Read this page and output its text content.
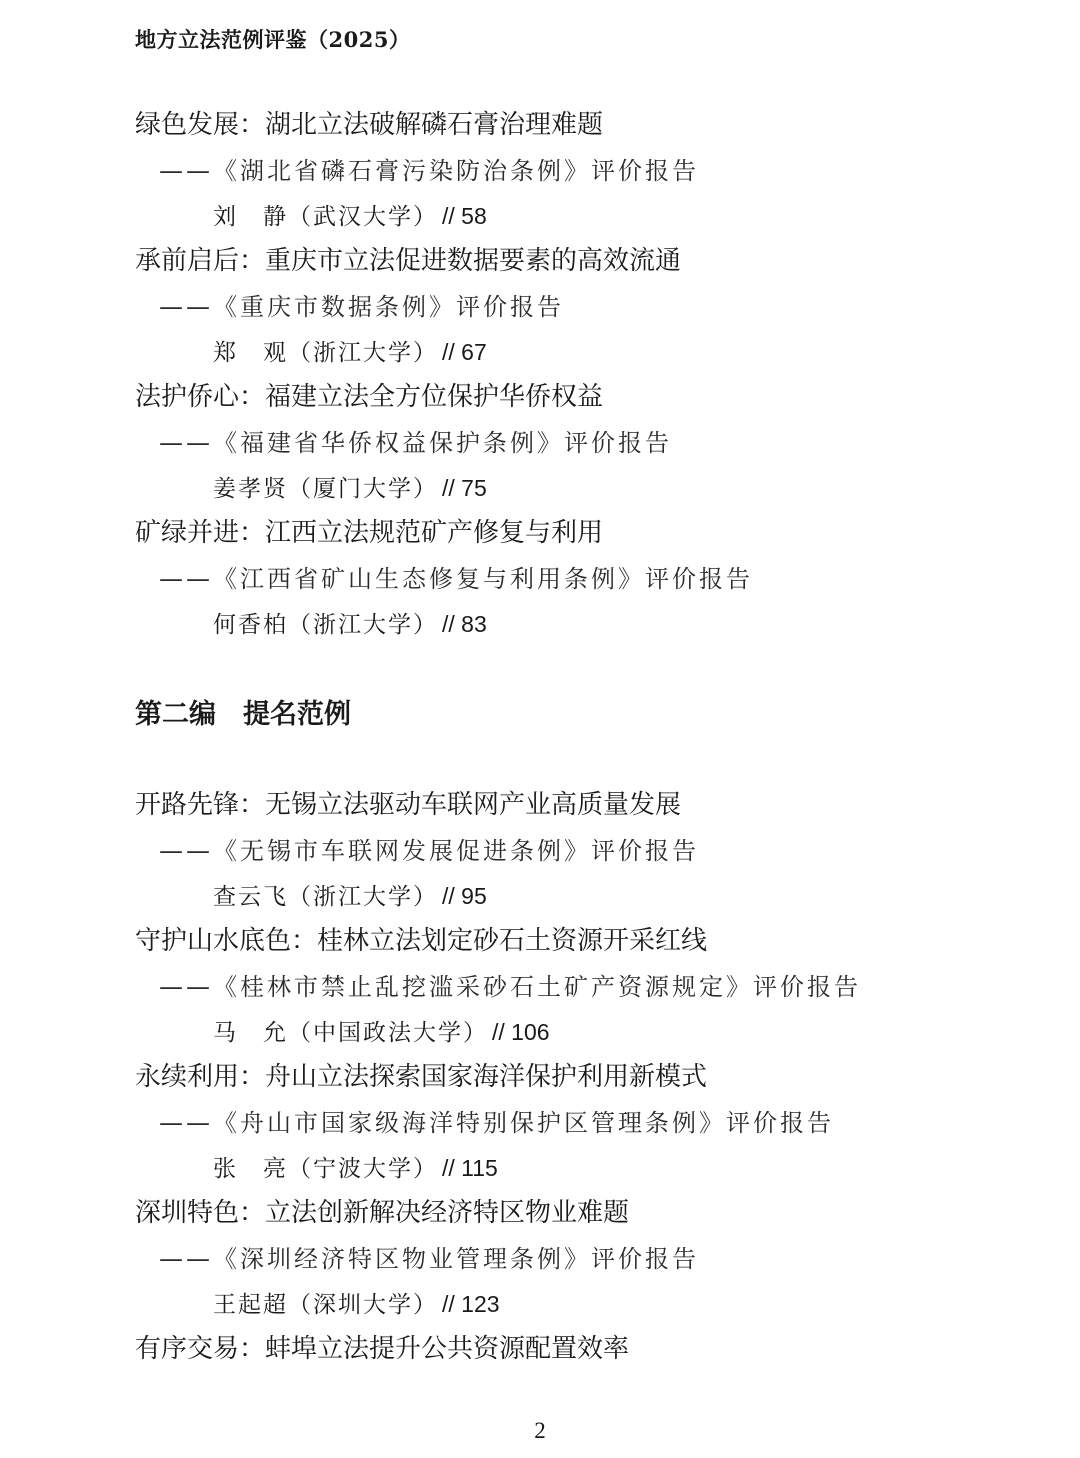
地方立法范例评鉴（2025）
绿色发展：湖北立法破解磷石膏治理难题
——《湖北省磷石膏污染防治条例》评价报告
刘　静（武汉大学） // 58
承前启后：重庆市立法促进数据要素的高效流通
——《重庆市数据条例》评价报告
郑　观（浙江大学） // 67
法护侨心：福建立法全方位保护华侨权益
——《福建省华侨权益保护条例》评价报告
姜孝贤（厦门大学） // 75
矿绿并进：江西立法规范矿产修复与利用
——《江西省矿山生态修复与利用条例》评价报告
何香柏（浙江大学） // 83
第二编　提名范例
开路先锋：无锡立法驱动车联网产业高质量发展
——《无锡市车联网发展促进条例》评价报告
查云飞（浙江大学） // 95
守护山水底色：桂林立法划定砂石土资源开采红线
——《桂林市禁止乱挖滥采砂石土矿产资源规定》评价报告
马　允（中国政法大学） // 106
永续利用：舟山立法探索国家海洋保护利用新模式
——《舟山市国家级海洋特别保护区管理条例》评价报告
张　亮（宁波大学） // 115
深圳特色：立法创新解决经济特区物业难题
——《深圳经济特区物业管理条例》评价报告
王起超（深圳大学） // 123
有序交易：蚌埠立法提升公共资源配置效率
2
